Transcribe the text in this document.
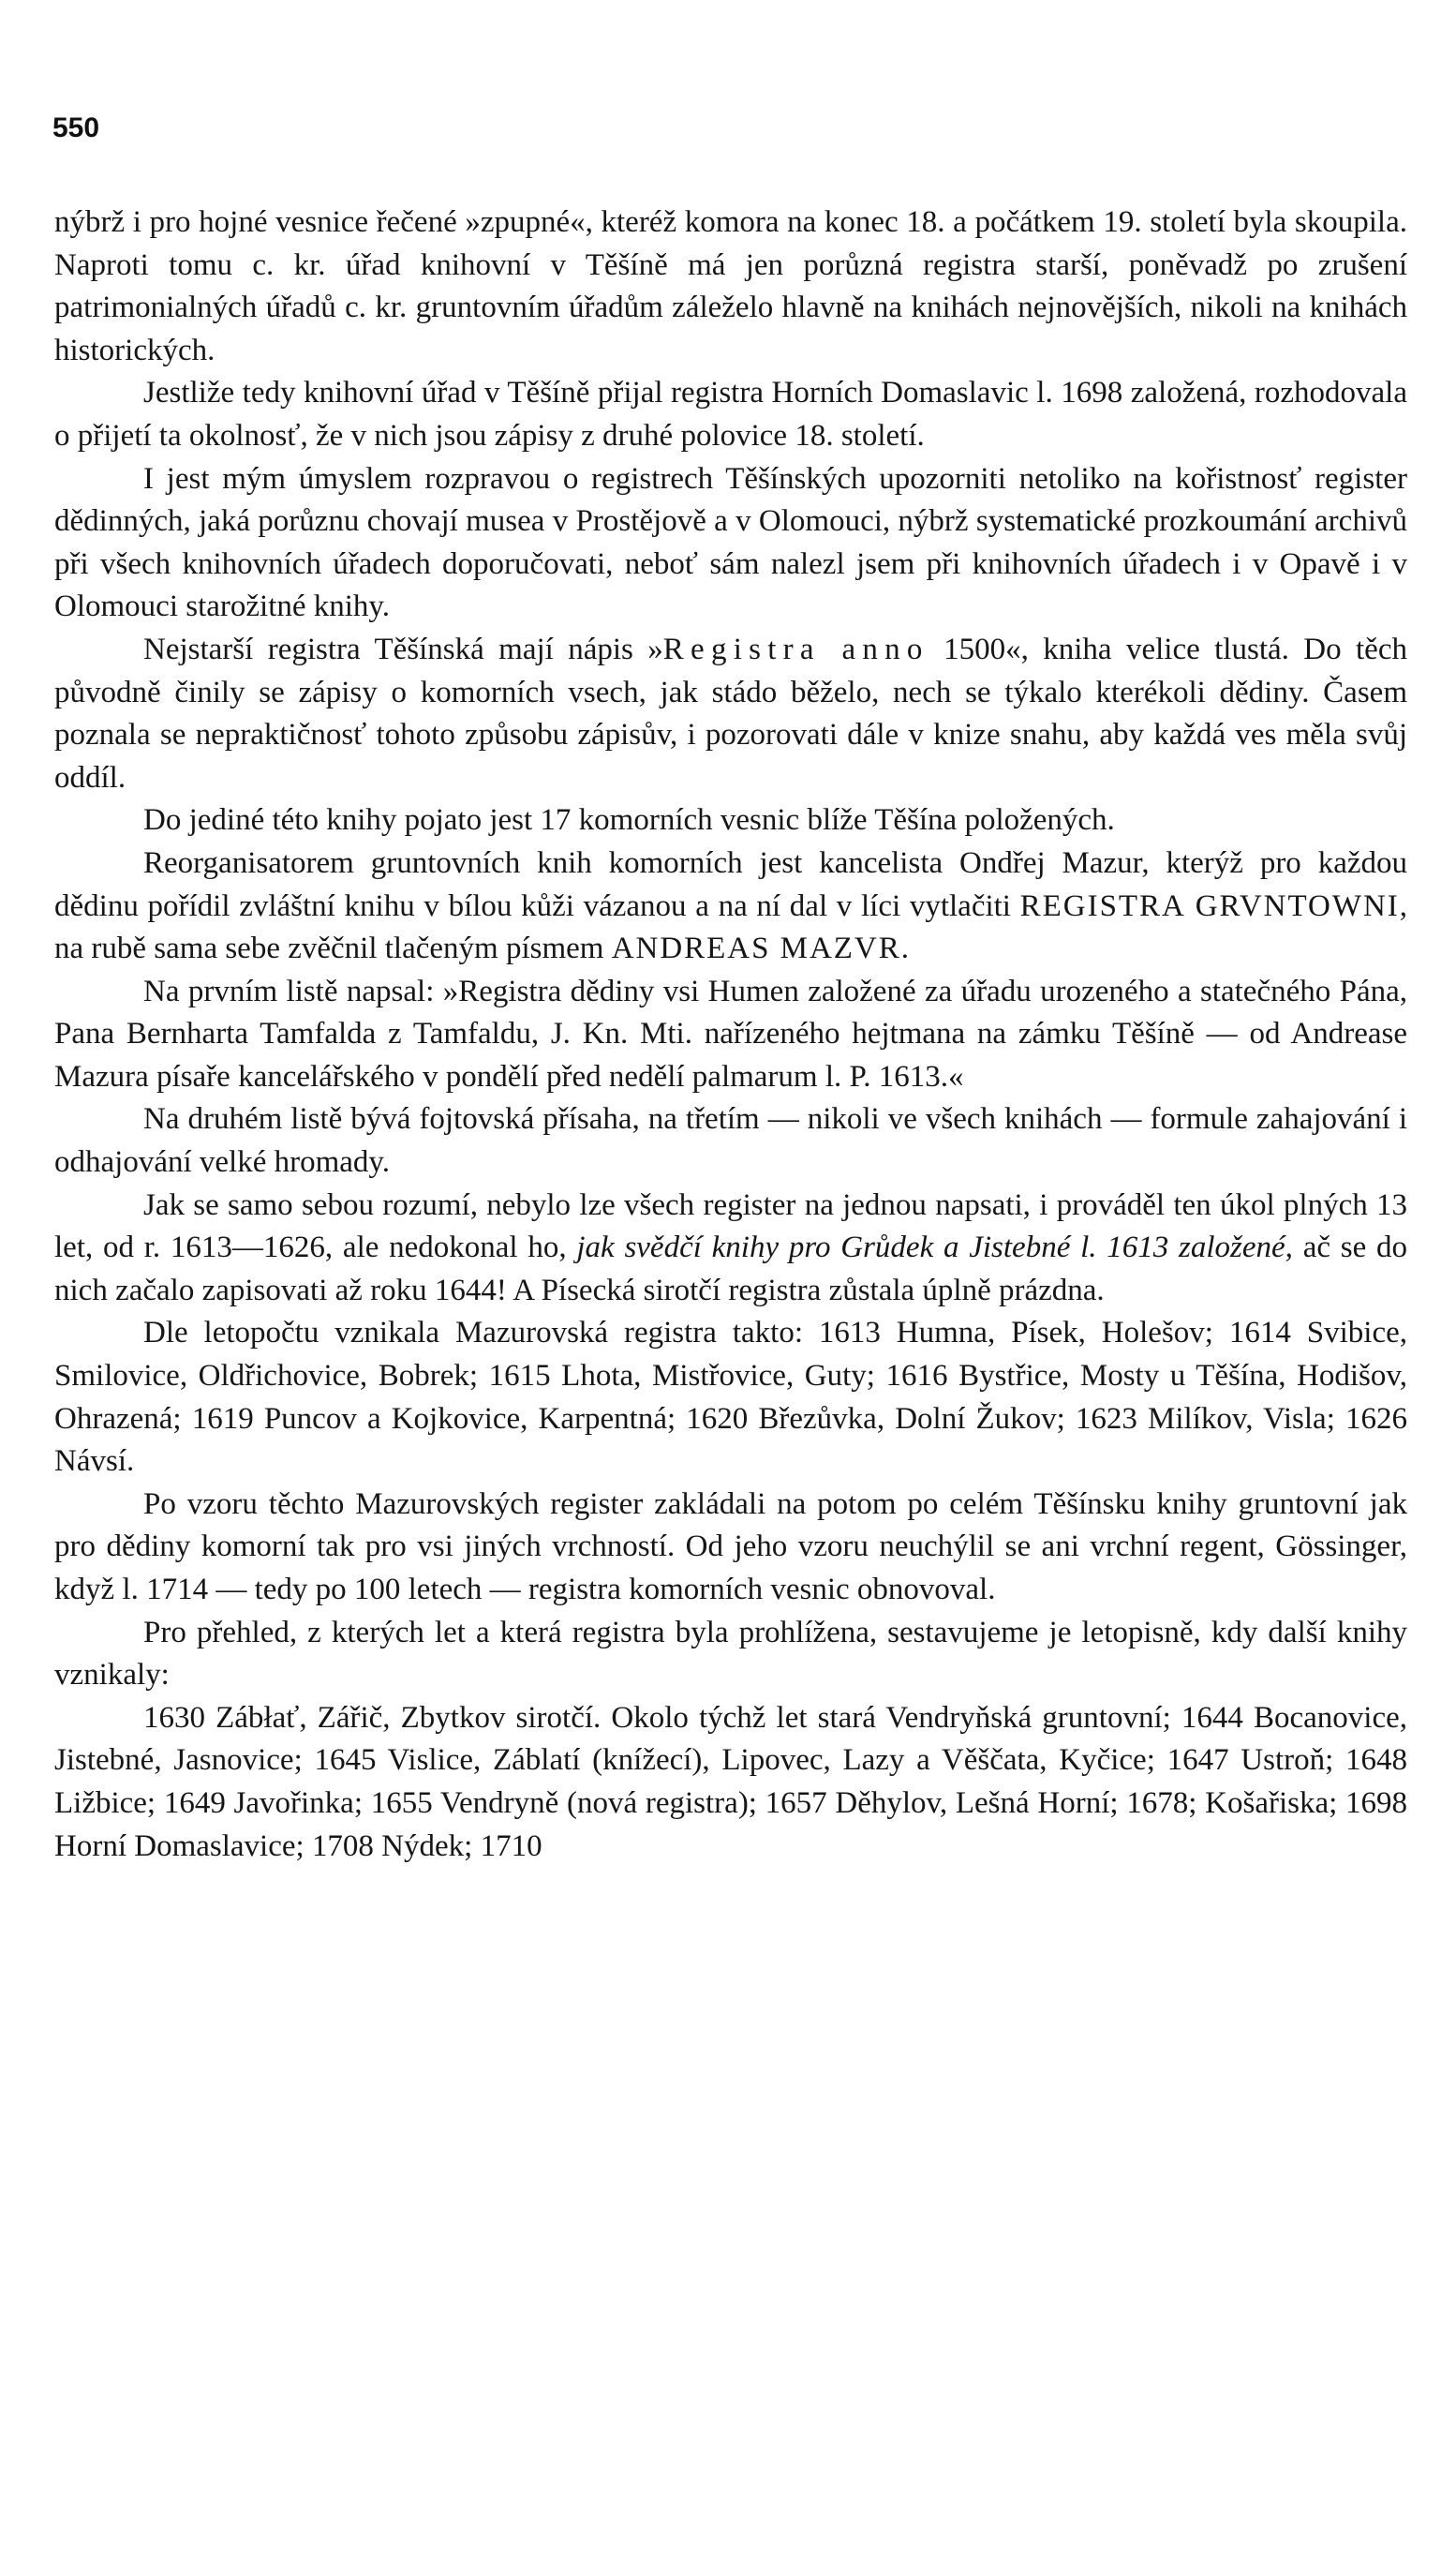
550

nýbrž i pro hojné vesnice řečené »zpupné«, kteréž komora na konec 18. a počátkem 19. století byla skoupila. Naproti tomu c. kr. úřad knihovní v Těšíně má jen porůzná registra starší, poněvadž po zrušení patrimonialných úřadů c. kr. gruntovním úřadům záleželo hlavně na knihách nejnovějších, nikoli na knihách historických.

Jestliže tedy knihovní úřad v Těšíně přijal registra Horních Domaslavic l. 1698 založená, rozhodovala o přijetí ta okolnosť, že v nich jsou zápisy z druhé polovice 18. století.

I jest mým úmyslem rozpravou o registrech Těšínských upozorniti netoliko na kořistnosť register dědinných, jaká porůznu chovají musea v Prostějově a v Olomouci, nýbrž systematické prozkoumání archivů při všech knihovních úřadech doporučovati, neboť sám nalezl jsem při knihovních úřadech i v Opavě i v Olomouci starožitné knihy.

Nejstarší registra Těšínská mají nápis »Registra anno 1500«, kniha velice tlustá. Do těch původně činily se zápisy o komorních vsech, jak stádo běželo, nech se týkalo kterékoli dědiny. Časem poznala se nepraktičnosť tohoto způsobu zápisův, i pozorovati dále v knize snahu, aby každá ves měla svůj oddíl.

Do jediné této knihy pojato jest 17 komorních vesnic blíže Těšína položených.

Reorganisatorem gruntovních knih komorních jest kancelista Ondřej Mazur, kterýž pro každou dědinu pořídil zvláštní knihu v bílou kůži vázanou a na ní dal v líci vytlačiti REGISTRA GRVNTOWNI, na rubě sama sebe zvěčnil tlačeným písmem ANDREAS MAZVR.

Na prvním listě napsal: »Registra dědiny vsi Humen založené za úřadu urozeného a statečného Pána, Pana Bernharta Tamfalda z Tamfaldu, J. Kn. Mti. nařízeného hejtmana na zámku Těšíně — od Andrease Mazura písaře kancelářského v pondělí před nedělí palmarum l. P. 1613.«

Na druhém listě bývá fojtovská přísaha, na třetím — nikoli ve všech knihách — formule zahajování i odhajování velké hromady.

Jak se samo sebou rozumí, nebylo lze všech register na jednou napsati, i prováděl ten úkol plných 13 let, od r. 1613—1626, ale nedokonal ho, jak svědčí knihy pro Grůdek a Jistebné l. 1613 založené, ač se do nich začalo zapisovati až roku 1644! A Písecká sirotčí registra zůstala úplně prázdna.

Dle letopočtu vznikala Mazurovská registra takto: 1613 Humna, Písek, Holešov; 1614 Svibice, Smilovice, Oldřichovice, Bobrek; 1615 Lhota, Mistřovice, Guty; 1616 Bystřice, Mosty u Těšína, Hodišov, Ohrazená; 1619 Puncov a Kojkovice, Karpentná; 1620 Březůvka, Dolní Žukov; 1623 Milíkov, Visla; 1626 Návsí.

Po vzoru těchto Mazurovských register zakládali na potom po celém Těšínsku knihy gruntovní jak pro dědiny komorní tak pro vsi jiných vrchností. Od jeho vzoru neuchýlil se ani vrchní regent, Gössinger, když l. 1714 — tedy po 100 letech — registra komorních vesnic obnovoval.

Pro přehled, z kterých let a která registra byla prohlížena, sestavujeme je letopisně, kdy další knihy vznikaly:

1630 Zábłať, Zářič, Zbytkov sirotčí. Okolo týchž let stará Vendryňská gruntovní; 1644 Bocanovice, Jistebné, Jasnovice; 1645 Vislice, Záblatí (knížecí), Lipovec, Lazy a Věščata, Kyčice; 1647 Ustroň; 1648 Ližbice; 1649 Javořinka; 1655 Vendryně (nová registra); 1657 Děhylov, Lešná Horní; 1678; Košařiska; 1698 Horní Domaslavice; 1708 Nýdek; 1710
